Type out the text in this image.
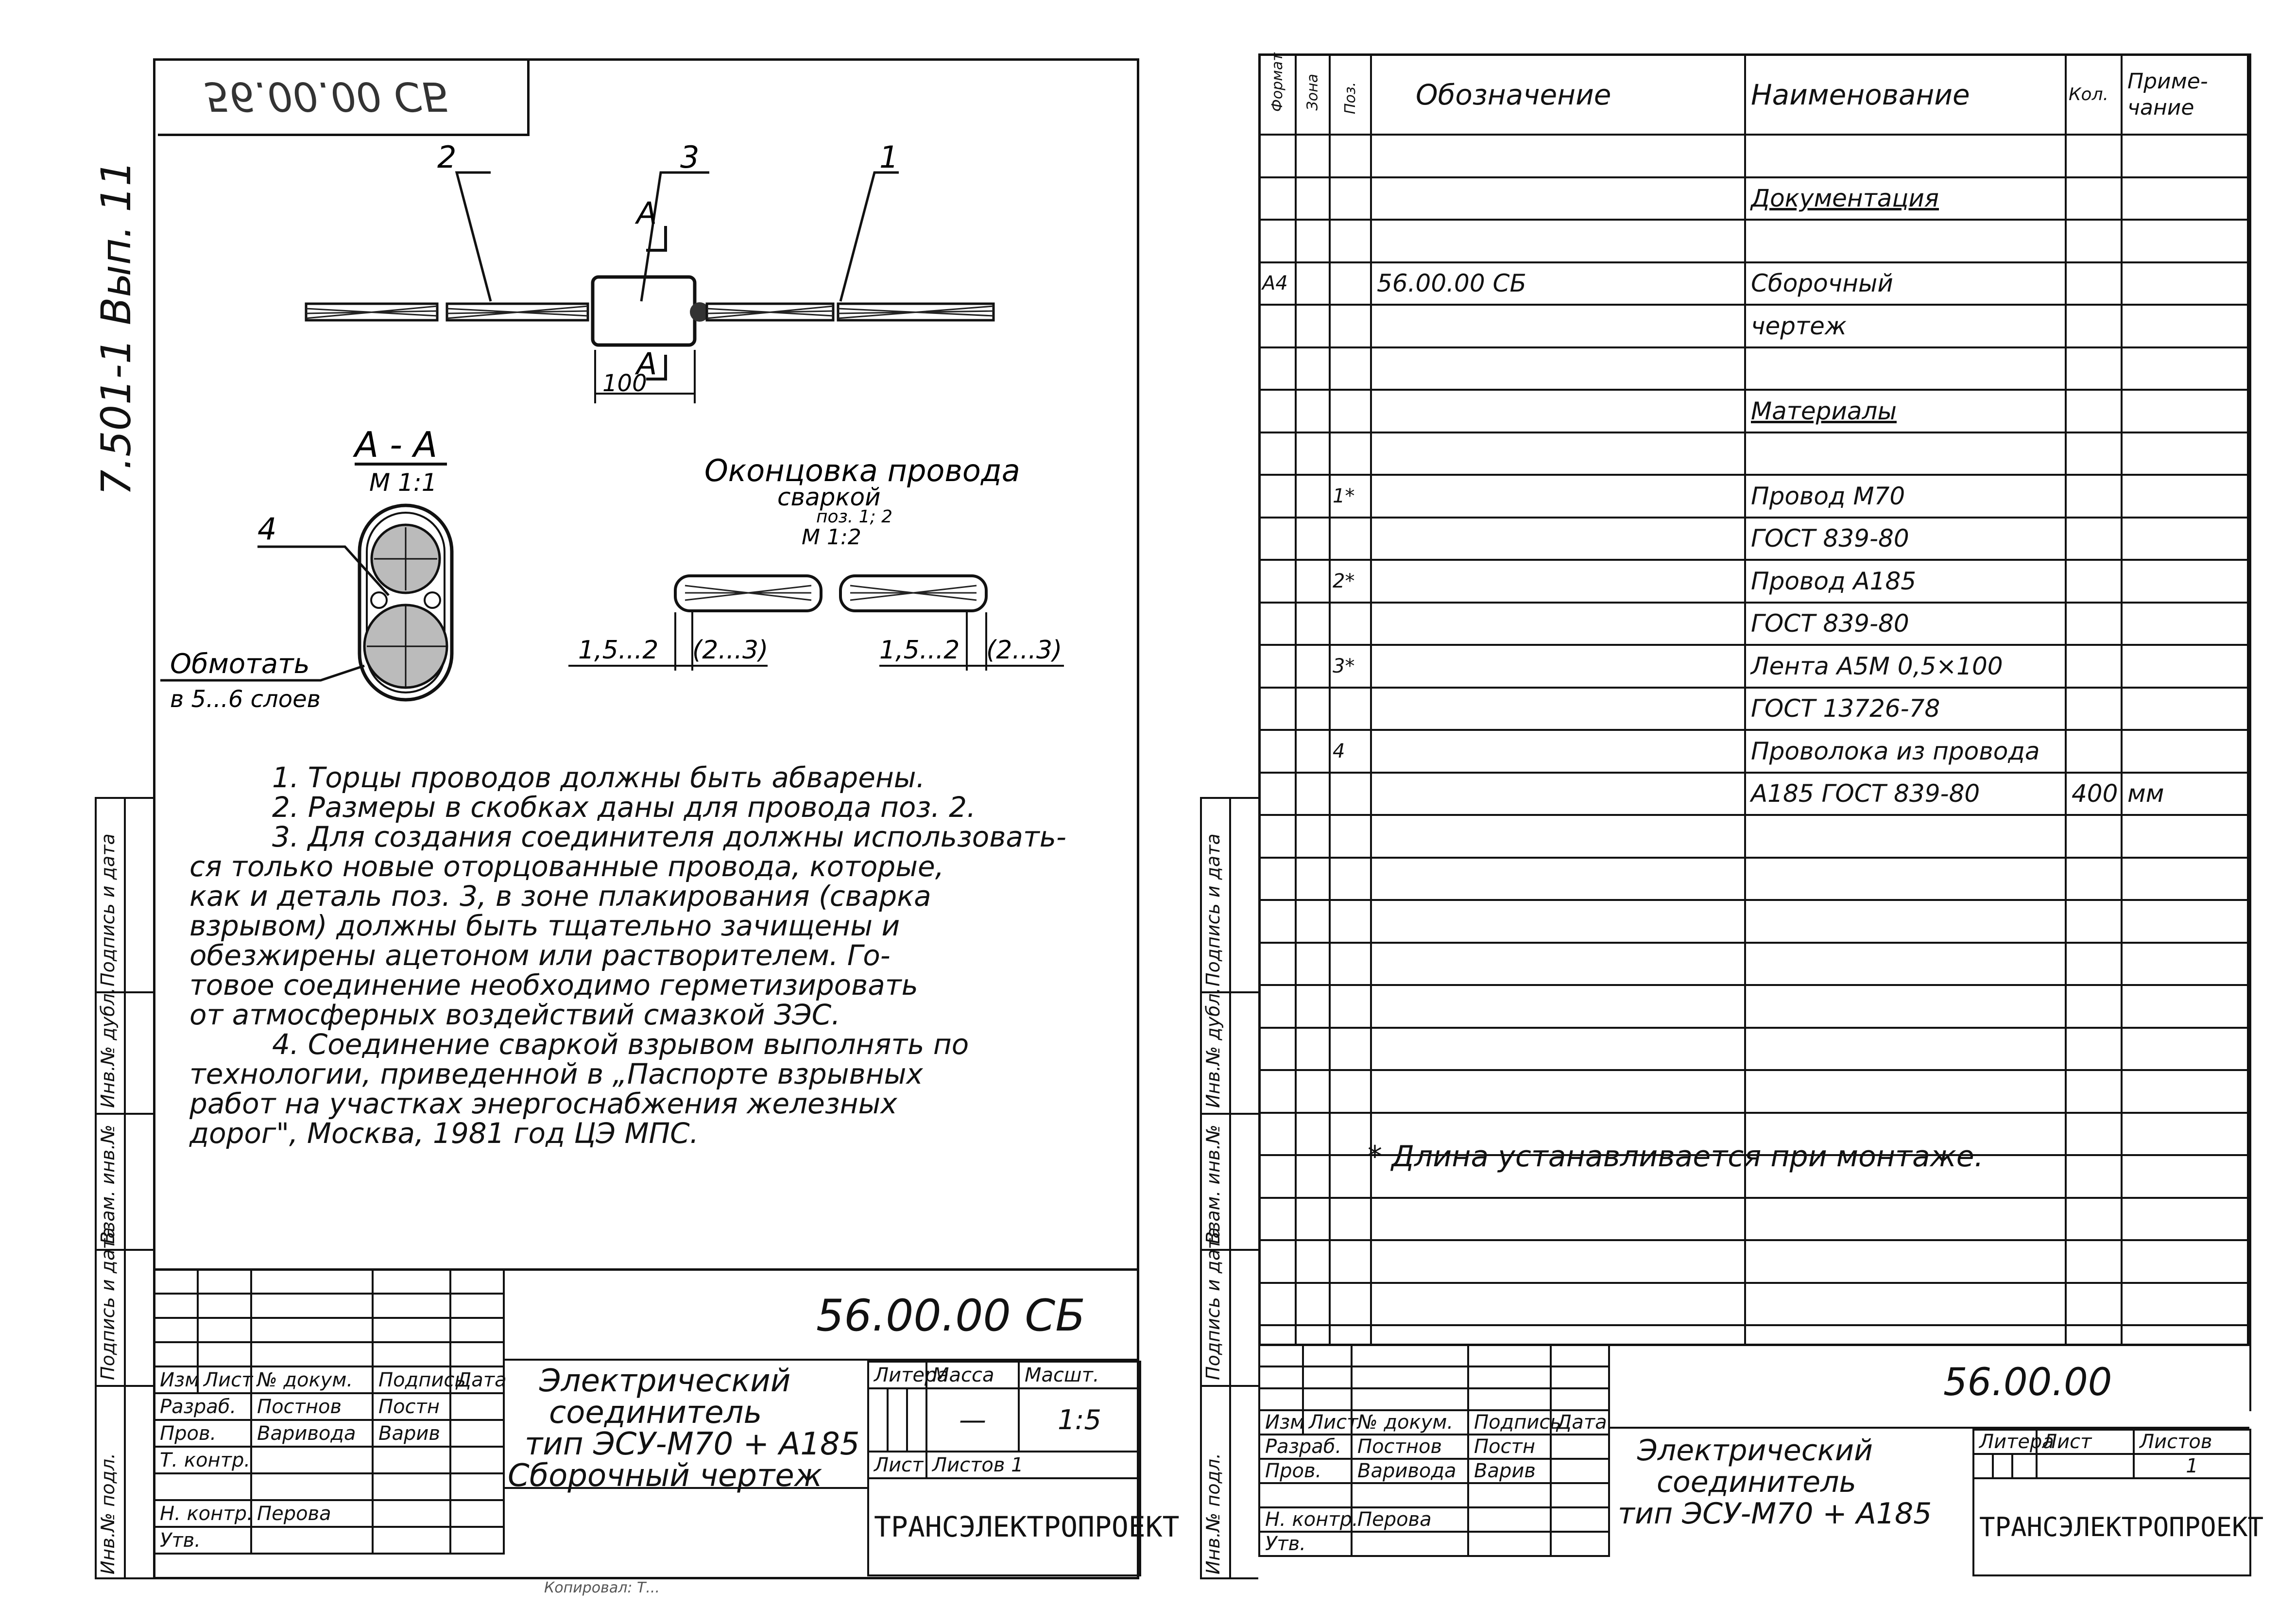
56.00.00 СБ
7.501-1 Вып. 11
2	3	1
А
А
100
А - А
М 1:1
4
Обмотать
в 5...6 слоев
Оконцовка провода
сваркой
поз. 1; 2
М 1:2
1,5...2 (2...3)	1,5...2 (2...3)
1. Торцы проводов должны быть абварены.
2. Размеры в скобках даны для провода поз. 2.
3. Для создания соединителя должны использовать-
ся только новые оторцованные провода, которые,
как и деталь поз. 3, в зоне плакирования (сварка
взрывом) должны быть тщательно зачищены и
обезжирены ацетоном или растворителем. Го-
товое соединение необходимо герметизировать
от атмосферных воздействий смазкой ЗЭС.
4. Соединение сваркой взрывом выполнять по
технологии, приведенной в „Паспорте взрывных
работ на участках энергоснабжения железных
дорог", Москва, 1981 год ЦЭ МПС.
Инв.№ подл.
Подпись и дата
Взам. инв.№
Инв.№ дубл.
Подпись и дата

Изм	Лист	№ докум.	Подпись	Дата
Разраб.		Постнов	Постн	
Пров.		Варивода	Варив	
Т. контр.				

Н. контр.		Перова		
Утв.				
56.00.00 СБ
Электрический
соединитель
тип ЭСУ-М70 + А185
Сборочный чертеж
Литера			Масса	Масшт.
			—	1:5
Лист			Листов 1	
ТРАНСЭЛЕКТРОПРОЕКТ				
Копировал: Т...
Формат	Зона	Поз.	Обозначение	Наименование	Кол.	Приме-чание

				Документация		

А4			56.00.00 СБ	Сборочный		
				чертеж		

				Материалы		

		1*		Провод М70		
				ГОСТ 839-80		
		2*		Провод А185		
				ГОСТ 839-80		
		3*		Лента А5М 0,5×100		
				ГОСТ 13726-78		
		4		Проволока из провода		
				А185 ГОСТ 839-80	400	мм

* Длина устанавливается при монтаже.
Инв.№ подл.
Подпись и дата
Взам. инв.№
Инв.№ дубл.
Подпись и дата

Изм	Лист	№ докум.	Подпись	Дата
Разраб.		Постнов	Постн	
Пров.		Варивода	Варив	

Н. контр.		Перова		
Утв.				
56.00.00
Электрический
соединитель
тип ЭСУ-М70 + А185
Литера			Лист	Листов
				1
ТРАНСЭЛЕКТРОПРОЕКТ				
